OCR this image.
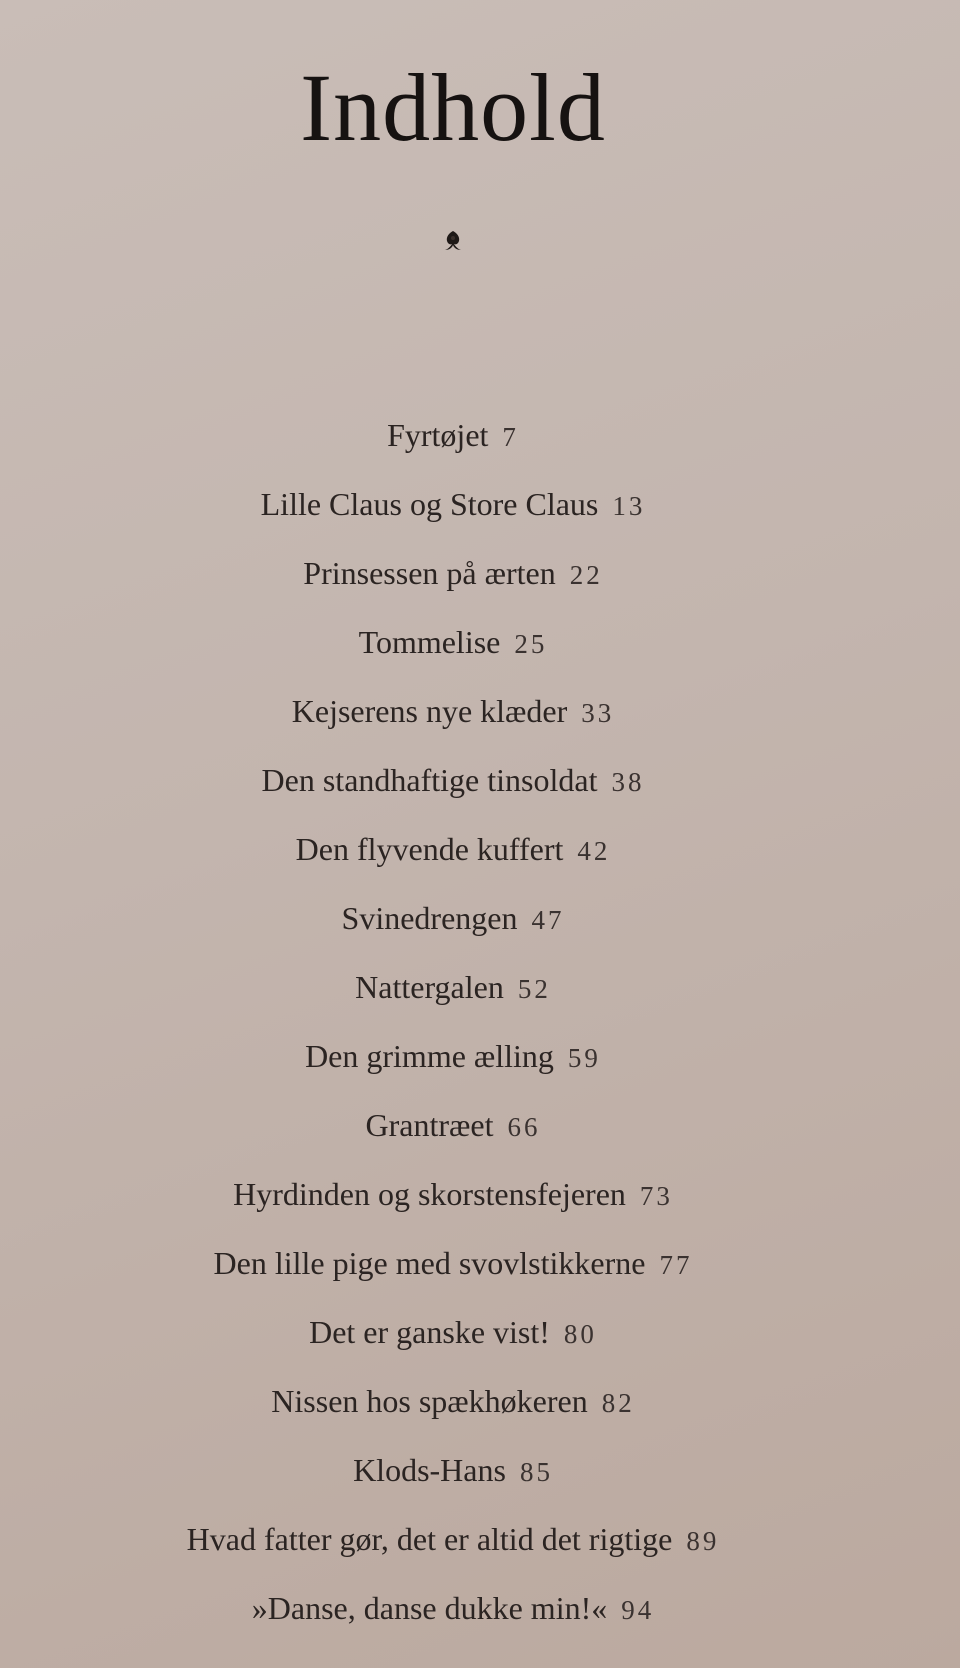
Indhold
Fyrtøjet 7
Lille Claus og Store Claus 13
Prinsessen på ærten 22
Tommelise 25
Kejserens nye klæder 33
Den standhaftige tinsoldat 38
Den flyvende kuffert 42
Svinedrengen 47
Nattergalen 52
Den grimme ælling 59
Grantræet 66
Hyrdinden og skorstensfejeren 73
Den lille pige med svovlstikkerne 77
Det er ganske vist! 80
Nissen hos spækhøkeren 82
Klods-Hans 85
Hvad fatter gør, det er altid det rigtige 89
»Danse, danse dukke min!« 94
